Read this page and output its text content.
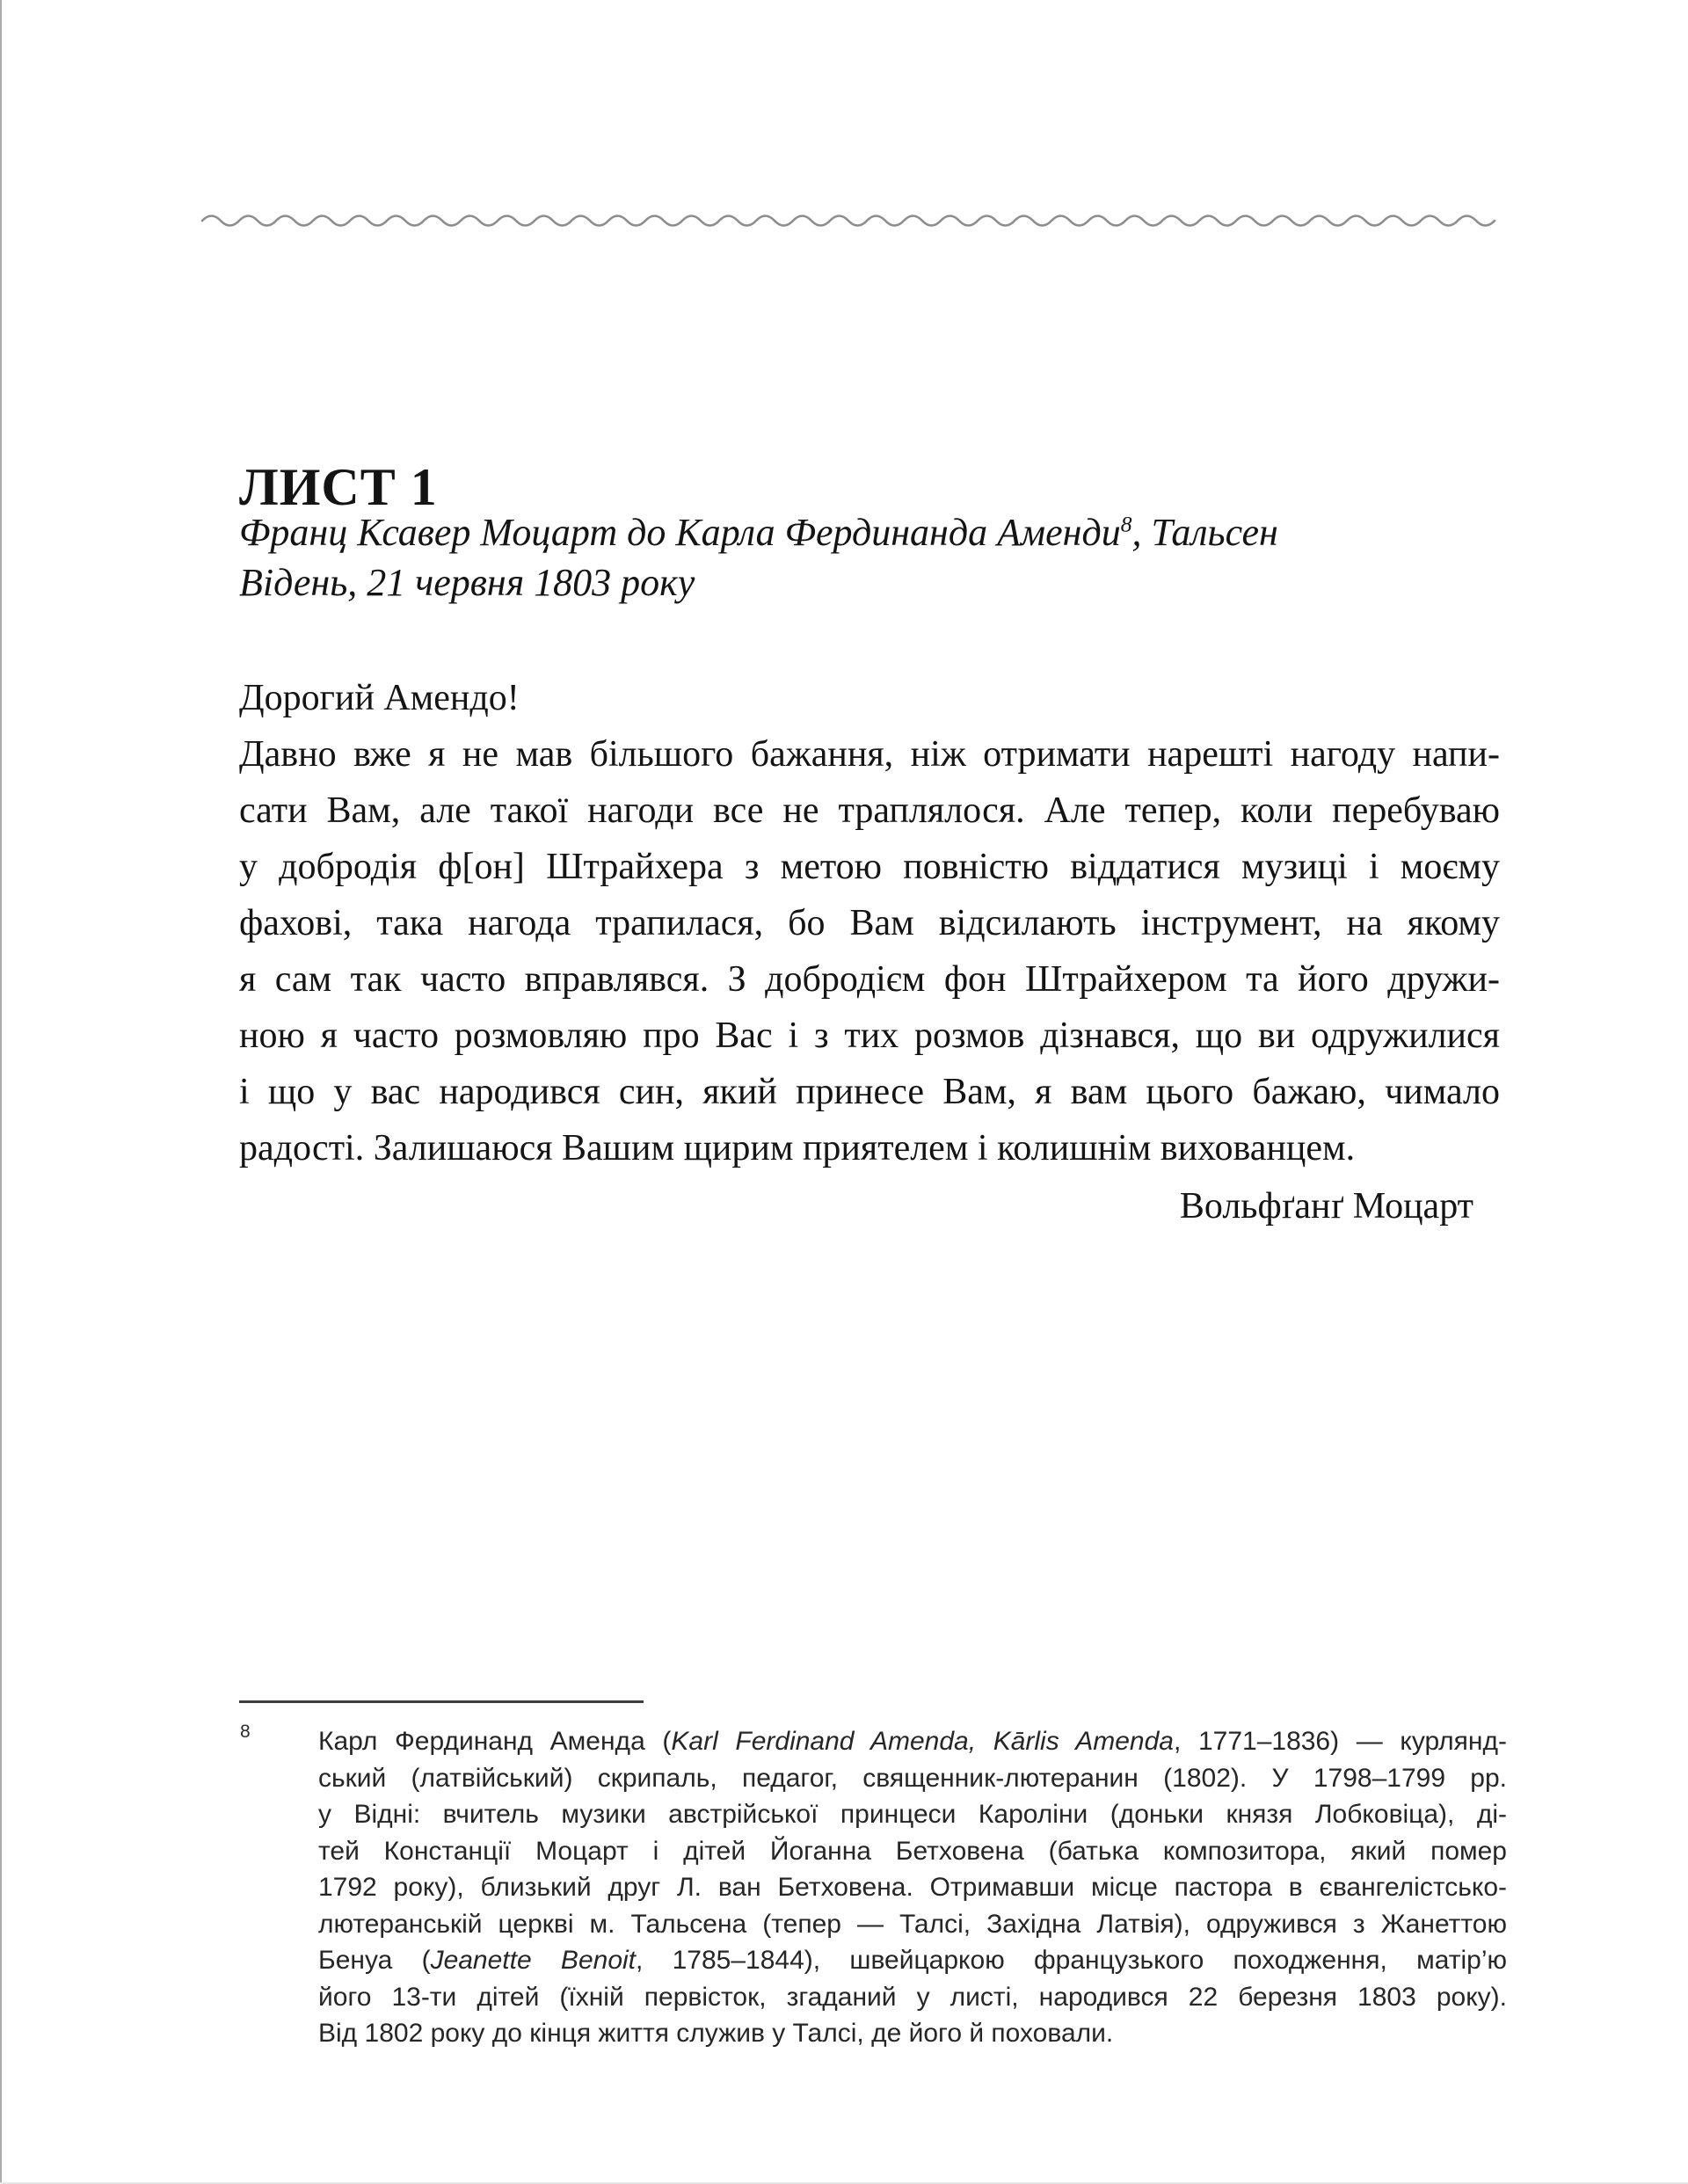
ЛИСТ 1
Франц Ксавер Моцарт до Карла Фердинанда Аменди$^8$, Тальсен
Відень, 21 червня 1803 року
Дорогий Амендо!
Давно вже я не мав більшого бажання, ніж отримати нарешті нагоду напи-
сати Вам, але такої нагоди все не траплялося. Але тепер, коли перебуваю
у добродія ф[он] Штрайхера з метою повністю віддатися музиці і моєму
фахові, така нагода трапилася, бо Вам відсилають інструмент, на якому
я сам так часто вправлявся. З добродієм фон Штрайхером та його дружи-
ною я часто розмовляю про Вас і з тих розмов дізнався, що ви одружилися
і що у вас народився син, який принесе Вам, я вам цього бажаю, чимало
радості. Залишаюся Вашим щирим приятелем і колишнім вихованцем.
Вольфґанґ Моцарт
8	Карл Фердинанд Аменда (Karl Ferdinand Amenda, Kārlis Amenda, 1771–1836) — курлянд-
ський (латвійський) скрипаль, педагог, священник-лютеранин (1802). У 1798–1799 рр.
у Відні: вчитель музики австрійської принцеси Кароліни (доньки князя Лобковіца), ді-
тей Констанції Моцарт і дітей Йоганна Бетховена (батька композитора, який помер
1792 року), близький друг Л. ван Бетховена. Отримавши місце пастора в євангелістсько-
лютеранській церкві м. Тальсена (тепер — Талсі, Західна Латвія), одружився з Жанеттою
Бенуа (Jeanette Benoit, 1785–1844), швейцаркою французького походження, матір’ю
його 13-ти дітей (їхній первісток, згаданий у листі, народився 22 березня 1803 року).
Від 1802 року до кінця життя служив у Талсі, де його й поховали.
